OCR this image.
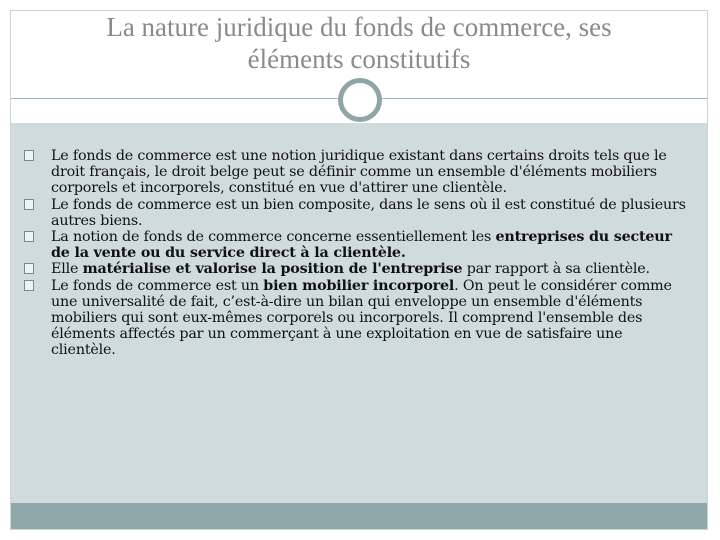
La nature juridique du fonds de commerce, ses
éléments constitutifs
Le fonds de commerce est une notion juridique existant dans certains droits tels que le droit français, le droit belge peut se définir comme un ensemble d'éléments mobiliers corporels et incorporels, constitué en vue d'attirer une clientèle.
Le fonds de commerce est un bien composite, dans le sens où il est constitué de plusieurs autres biens.
La notion de fonds de commerce concerne essentiellement les entreprises du secteur de la vente ou du service direct à la clientèle.
Elle matérialise et valorise la position de l'entreprise par rapport à sa clientèle.
Le fonds de commerce est un bien mobilier incorporel. On peut le considérer comme une universalité de fait, c’est-à-dire un bilan qui enveloppe un ensemble d'éléments mobiliers qui sont eux-mêmes corporels ou incorporels. Il comprend l'ensemble des éléments affectés par un commerçant à une exploitation en vue de satisfaire une clientèle.
